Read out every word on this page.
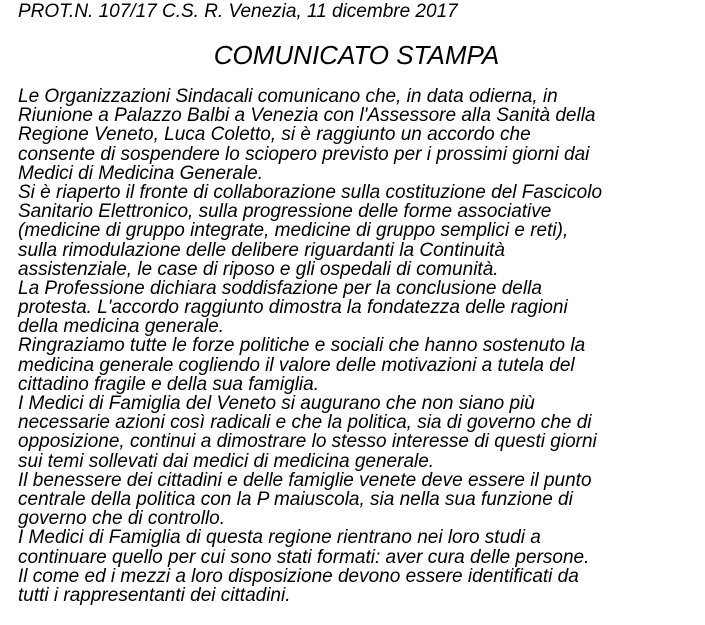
PROT.N. 107/17 C.S. R. Venezia, 11 dicembre 2017
COMUNICATO STAMPA
Le Organizzazioni Sindacali comunicano che, in data odierna, in
Riunione a Palazzo Balbi a Venezia con l'Assessore alla Sanità della
Regione Veneto, Luca Coletto, si è raggiunto un accordo che
consente di sospendere lo sciopero previsto per i prossimi giorni dai
Medici di Medicina Generale.
Si è riaperto il fronte di collaborazione sulla costituzione del Fascicolo
Sanitario Elettronico, sulla progressione delle forme associative
(medicine di gruppo integrate, medicine di gruppo semplici e reti),
sulla rimodulazione delle delibere riguardanti la Continuità
assistenziale, le case di riposo e gli ospedali di comunità.
La Professione dichiara soddisfazione per la conclusione della
protesta. L'accordo raggiunto dimostra la fondatezza delle ragioni
della medicina generale.
Ringraziamo tutte le forze politiche e sociali che hanno sostenuto la
medicina generale cogliendo il valore delle motivazioni a tutela del
cittadino fragile e della sua famiglia.
I Medici di Famiglia del Veneto si augurano che non siano più
necessarie azioni così radicali e che la politica, sia di governo che di
opposizione, continui a dimostrare lo stesso interesse di questi giorni
sui temi sollevati dai medici di medicina generale.
Il benessere dei cittadini e delle famiglie venete deve essere il punto
centrale della politica con la P maiuscola, sia nella sua funzione di
governo che di controllo.
I Medici di Famiglia di questa regione rientrano nei loro studi a
continuare quello per cui sono stati formati: aver cura delle persone.
Il come ed i mezzi a loro disposizione devono essere identificati da
tutti i rappresentanti dei cittadini.
